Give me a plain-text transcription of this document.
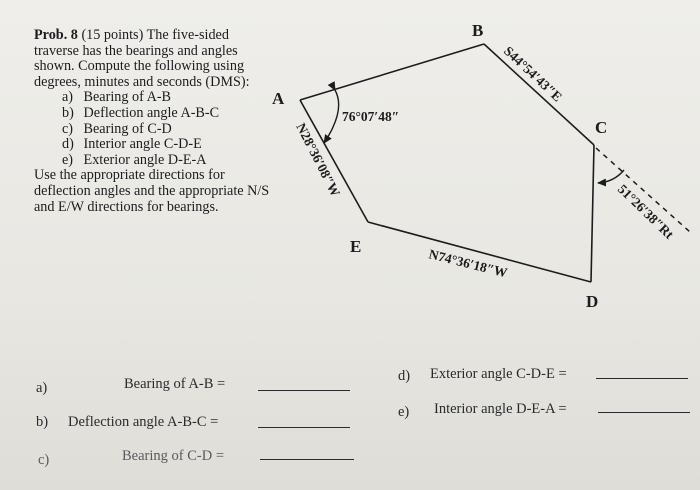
Prob. 8 (15 points) The five-sided traverse has the bearings and angles shown. Compute the following using degrees, minutes and seconds (DMS):

a) Bearing of A-B
b) Deflection angle A-B-C
c) Bearing of C-D
d) Interior angle C-D-E
e) Exterior angle D-E-A

Use the appropriate directions for deflection angles and the appropriate N/S and E/W directions for bearings.

A
B
C
D
E
S44°54′43″E
N28°36′08″W
N74°36′18″W
76°07′48″
51°26′38″Rt
a)	Bearing of A-B =
b) Deflection angle A-B-C =
c)	Bearing of C-D =
d) Exterior angle C-D-E =
e) Interior angle D-E-A =
